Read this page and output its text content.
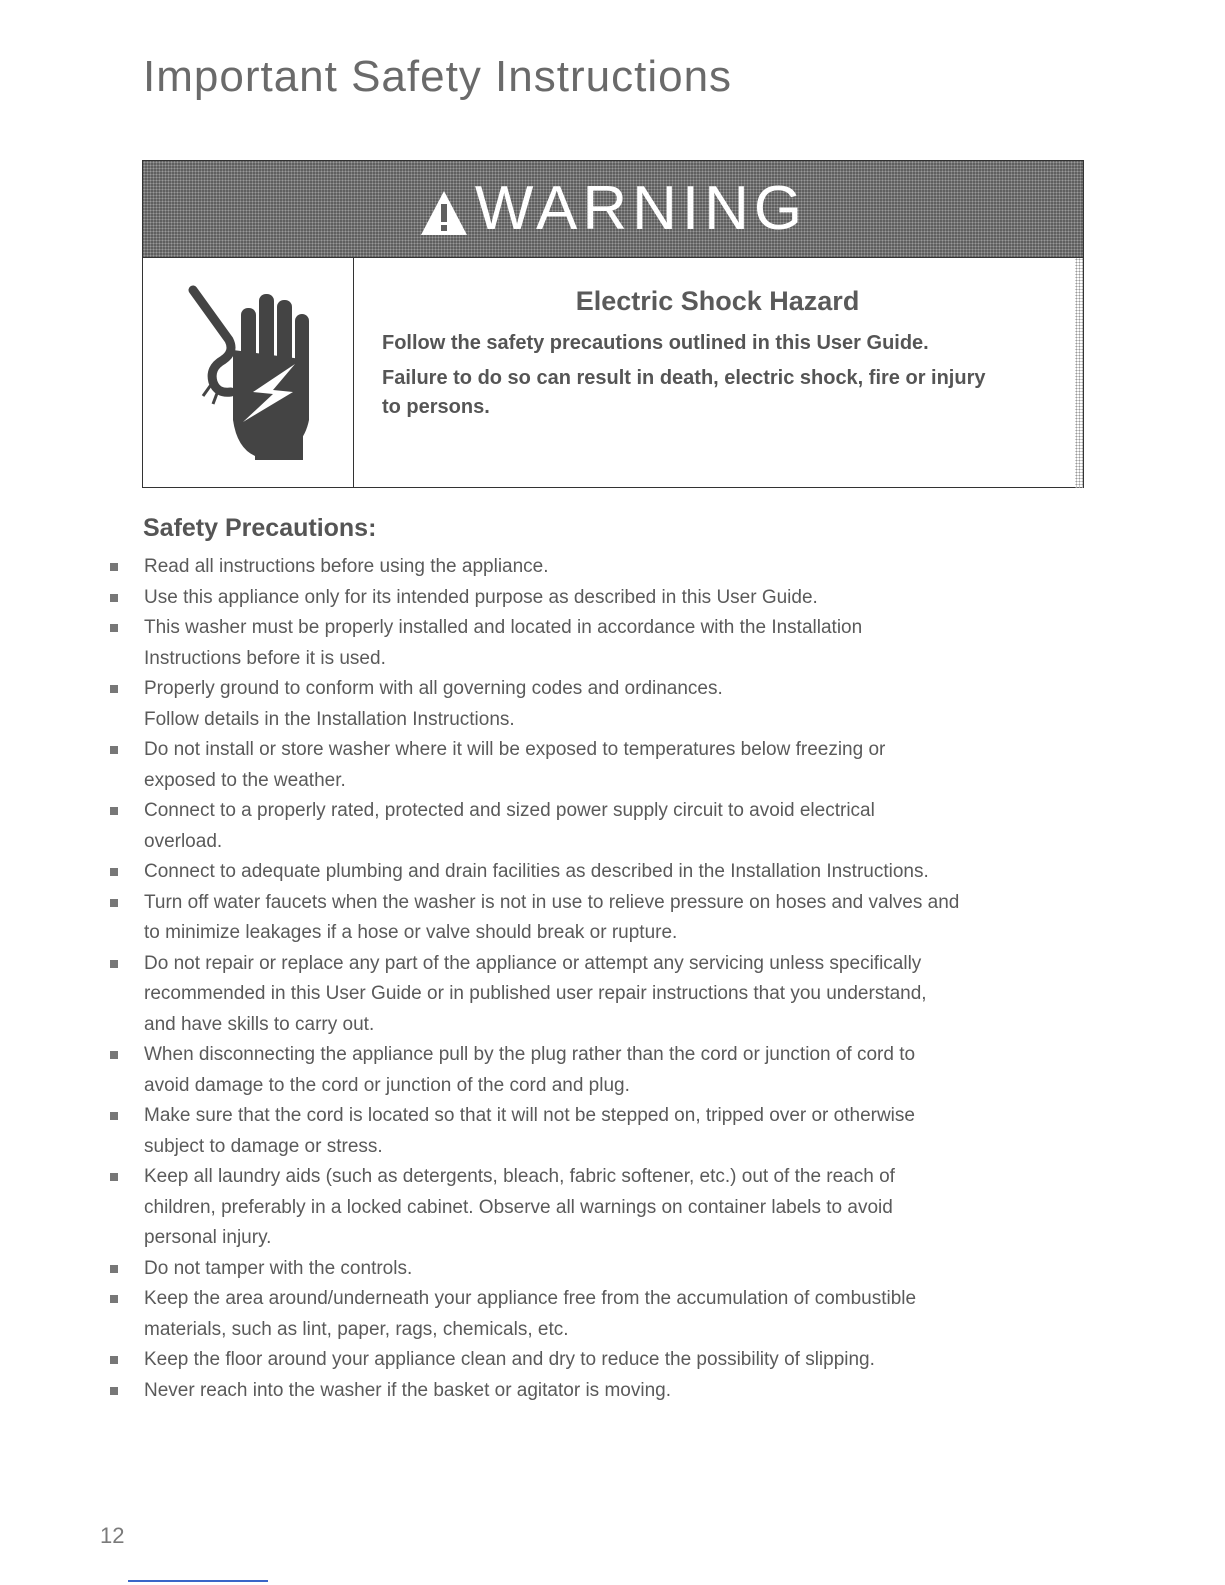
Important Safety Instructions
WARNING

Electric Shock Hazard

Follow the safety precautions outlined in this User Guide.

Failure to do so can result in death, electric shock, fire or injury
to persons.

Safety Precautions:
Read all instructions before using the appliance.
Use this appliance only for its intended purpose as described in this User Guide.
This washer must be properly installed and located in accordance with the Installation
Instructions before it is used.
Properly ground to conform with all governing codes and ordinances.
Follow details in the Installation Instructions.
Do not install or store washer where it will be exposed to temperatures below freezing or
exposed to the weather.
Connect to a properly rated, protected and sized power supply circuit to avoid electrical
overload.
Connect to adequate plumbing and drain facilities as described in the Installation Instructions.
Turn off water faucets when the washer is not in use to relieve pressure on hoses and valves and
to minimize leakages if a hose or valve should break or rupture.
Do not repair or replace any part of the appliance or attempt any servicing unless specifically
recommended in this User Guide or in published user repair instructions that you understand,
and have skills to carry out.
When disconnecting the appliance pull by the plug rather than the cord or junction of cord to
avoid damage to the cord or junction of the cord and plug.
Make sure that the cord is located so that it will not be stepped on, tripped over or otherwise
subject to damage or stress.
Keep all laundry aids (such as detergents, bleach, fabric softener, etc.) out of the reach of
children, preferably in a locked cabinet. Observe all warnings on container labels to avoid
personal injury.
Do not tamper with the controls.
Keep the area around/underneath your appliance free from the accumulation of combustible
materials, such as lint, paper, rags, chemicals, etc.
Keep the floor around your appliance clean and dry to reduce the possibility of slipping.
Never reach into the washer if the basket or agitator is moving.
12
